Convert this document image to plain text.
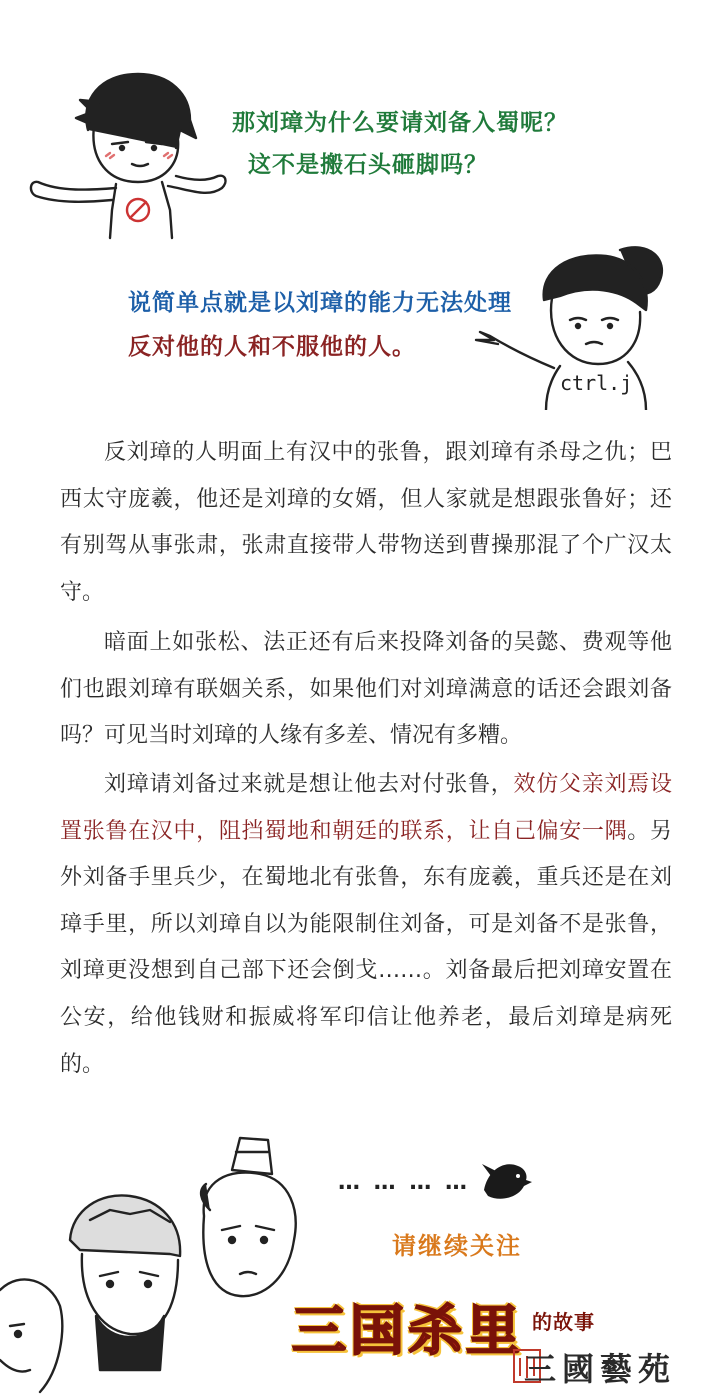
那刘璋为什么要请刘备入蜀呢？
这不是搬石头砸脚吗？
ctrl.j
说简单点就是以刘璋的能力无法处理
反对他的人和不服他的人。

反刘璋的人明面上有汉中的张鲁，跟刘璋有杀母之仇；巴西太守庞羲，他还是刘璋的女婿，但人家就是想跟张鲁好；还有别驾从事张肃，张肃直接带人带物送到曹操那混了个广汉太守。

暗面上如张松、法正还有后来投降刘备的吴懿、费观等他们也跟刘璋有联姻关系，如果他们对刘璋满意的话还会跟刘备吗？可见当时刘璋的人缘有多差、情况有多糟。

刘璋请刘备过来就是想让他去对付张鲁，效仿父亲刘焉设置张鲁在汉中，阻挡蜀地和朝廷的联系，让自己偏安一隅。另外刘备手里兵少，在蜀地北有张鲁，东有庞羲，重兵还是在刘璋手里，所以刘璋自以为能限制住刘备，可是刘备不是张鲁，刘璋更没想到自己部下还会倒戈……。刘备最后把刘璋安置在公安，给他钱财和振威将军印信让他养老，最后刘璋是病死的。

… … … …
请继续关注
三国杀里 的故事
三國藝苑
